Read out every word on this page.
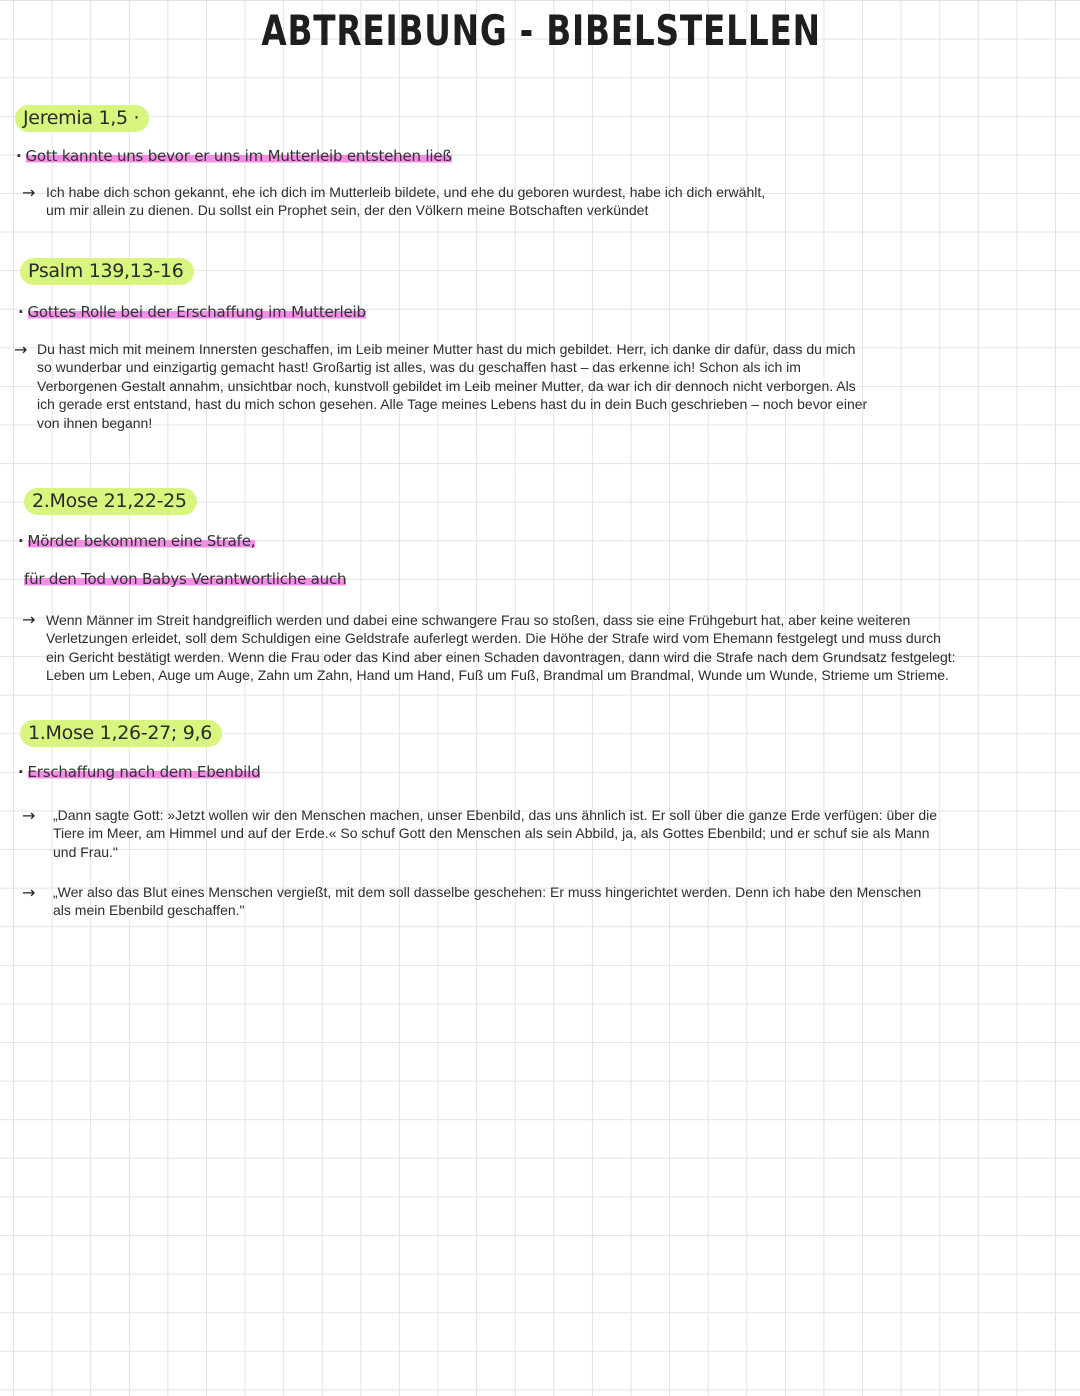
ABTREIBUNG - BIBELSTELLEN
Jeremia 1,5 ·
· Gott kannte uns bevor er uns im Mutterleib entstehen ließ
→ Ich habe dich schon gekannt, ehe ich dich im Mutterleib bildete, und ehe du geboren wurdest, habe ich dich erwählt,
um mir allein zu dienen. Du sollst ein Prophet sein, der den Völkern meine Botschaften verkündet
Psalm 139,13-16
· Gottes Rolle bei der Erschaffung im Mutterleib
→ Du hast mich mit meinem Innersten geschaffen, im Leib meiner Mutter hast du mich gebildet. Herr, ich danke dir dafür, dass du mich
so wunderbar und einzigartig gemacht hast! Großartig ist alles, was du geschaffen hast – das erkenne ich! Schon als ich im
Verborgenen Gestalt annahm, unsichtbar noch, kunstvoll gebildet im Leib meiner Mutter, da war ich dir dennoch nicht verborgen. Als
ich gerade erst entstand, hast du mich schon gesehen. Alle Tage meines Lebens hast du in dein Buch geschrieben – noch bevor einer
von ihnen begann!
2.Mose 21,22-25
· Mörder bekommen eine Strafe,
für den Tod von Babys Verantwortliche auch
→ Wenn Männer im Streit handgreiflich werden und dabei eine schwangere Frau so stoßen, dass sie eine Frühgeburt hat, aber keine weiteren
Verletzungen erleidet, soll dem Schuldigen eine Geldstrafe auferlegt werden. Die Höhe der Strafe wird vom Ehemann festgelegt und muss durch
ein Gericht bestätigt werden. Wenn die Frau oder das Kind aber einen Schaden davontragen, dann wird die Strafe nach dem Grundsatz festgelegt:
Leben um Leben, Auge um Auge, Zahn um Zahn, Hand um Hand, Fuß um Fuß, Brandmal um Brandmal, Wunde um Wunde, Strieme um Strieme.
1.Mose 1,26-27; 9,6
· Erschaffung nach dem Ebenbild
→ „Dann sagte Gott: »Jetzt wollen wir den Menschen machen, unser Ebenbild, das uns ähnlich ist. Er soll über die ganze Erde verfügen: über die
Tiere im Meer, am Himmel und auf der Erde.« So schuf Gott den Menschen als sein Abbild, ja, als Gottes Ebenbild; und er schuf sie als Mann
und Frau."
→ „Wer also das Blut eines Menschen vergießt, mit dem soll dasselbe geschehen: Er muss hingerichtet werden. Denn ich habe den Menschen
als mein Ebenbild geschaffen."
